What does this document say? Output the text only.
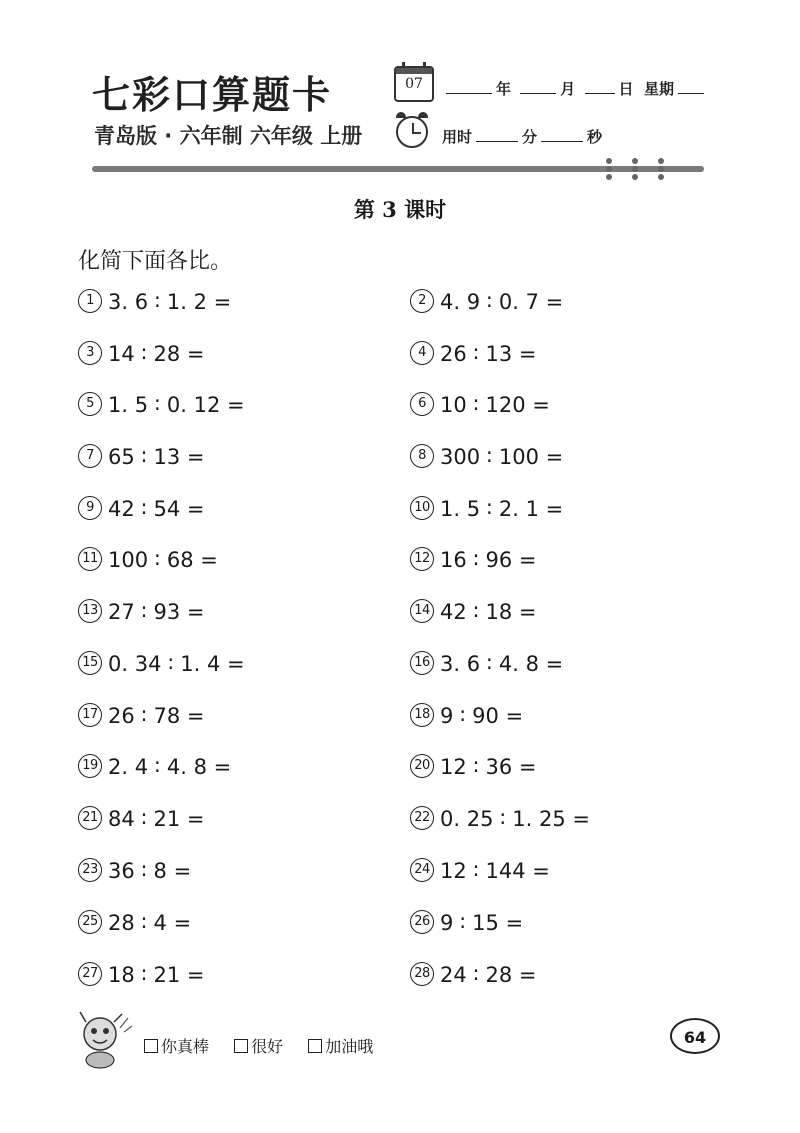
七彩口算题卡
青岛版 · 六年制 六年级 上册
07	年	月	日 星期
用时	分	秒
第 3 课时
化简下面各比。
1 3. 6 ∶ 1. 2 =	2 4. 9 ∶ 0. 7 =
3 14 ∶ 28 =	4 26 ∶ 13 =
5 1. 5 ∶ 0. 12 =	6 10 ∶ 120 =
7 65 ∶ 13 =	8 300 ∶ 100 =
9 42 ∶ 54 =	10 1. 5 ∶ 2. 1 =
11 100 ∶ 68 =	12 16 ∶ 96 =
13 27 ∶ 93 =	14 42 ∶ 18 =
15 0. 34 ∶ 1. 4 =	16 3. 6 ∶ 4. 8 =
17 26 ∶ 78 =	18 9 ∶ 90 =
19 2. 4 ∶ 4. 8 =	20 12 ∶ 36 =
21 84 ∶ 21 =	22 0. 25 ∶ 1. 25 =
23 36 ∶ 8 =	24 12 ∶ 144 =
25 28 ∶ 4 =	26 9 ∶ 15 =
27 18 ∶ 21 =	28 24 ∶ 28 =
你真棒	很好	加油哦	64
